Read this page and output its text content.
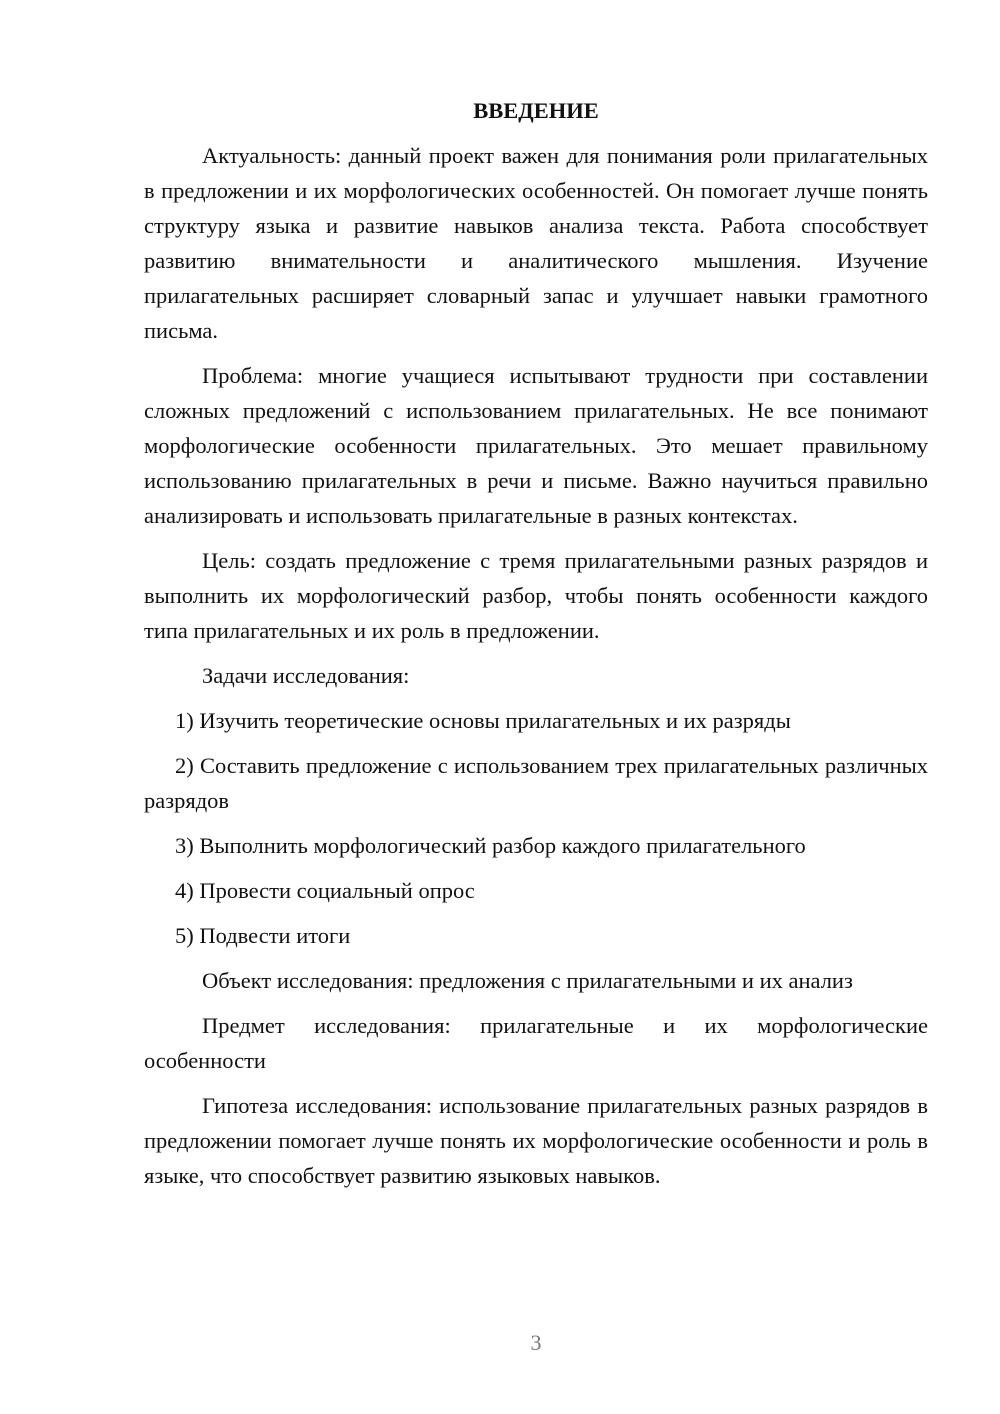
ВВЕДЕНИЕ

Актуальность: данный проект важен для понимания роли прилагательных в предложении и их морфологических особенностей. Он помогает лучше понять структуру языка и развитие навыков анализа текста. Работа способствует развитию внимательности и аналитического мышления. Изучение прилагательных расширяет словарный запас и улучшает навыки грамотного письма.

Проблема: многие учащиеся испытывают трудности при составлении сложных предложений с использованием прилагательных. Не все понимают морфологические особенности прилагательных. Это мешает правильному использованию прилагательных в речи и письме. Важно научиться правильно анализировать и использовать прилагательные в разных контекстах.

Цель: создать предложение с тремя прилагательными разных разрядов и выполнить их морфологический разбор, чтобы понять особенности каждого типа прилагательных и их роль в предложении.

Задачи исследования:

1) Изучить теоретические основы прилагательных и их разряды

2) Составить предложение с использованием трех прилагательных различных разрядов

3) Выполнить морфологический разбор каждого прилагательного

4) Провести социальный опрос

5) Подвести итоги

Объект исследования: предложения с прилагательными и их анализ

Предмет исследования: прилагательные и их морфологические особенности

Гипотеза исследования: использование прилагательных разных разрядов в предложении помогает лучше понять их морфологические особенности и роль в языке, что способствует развитию языковых навыков.

3
